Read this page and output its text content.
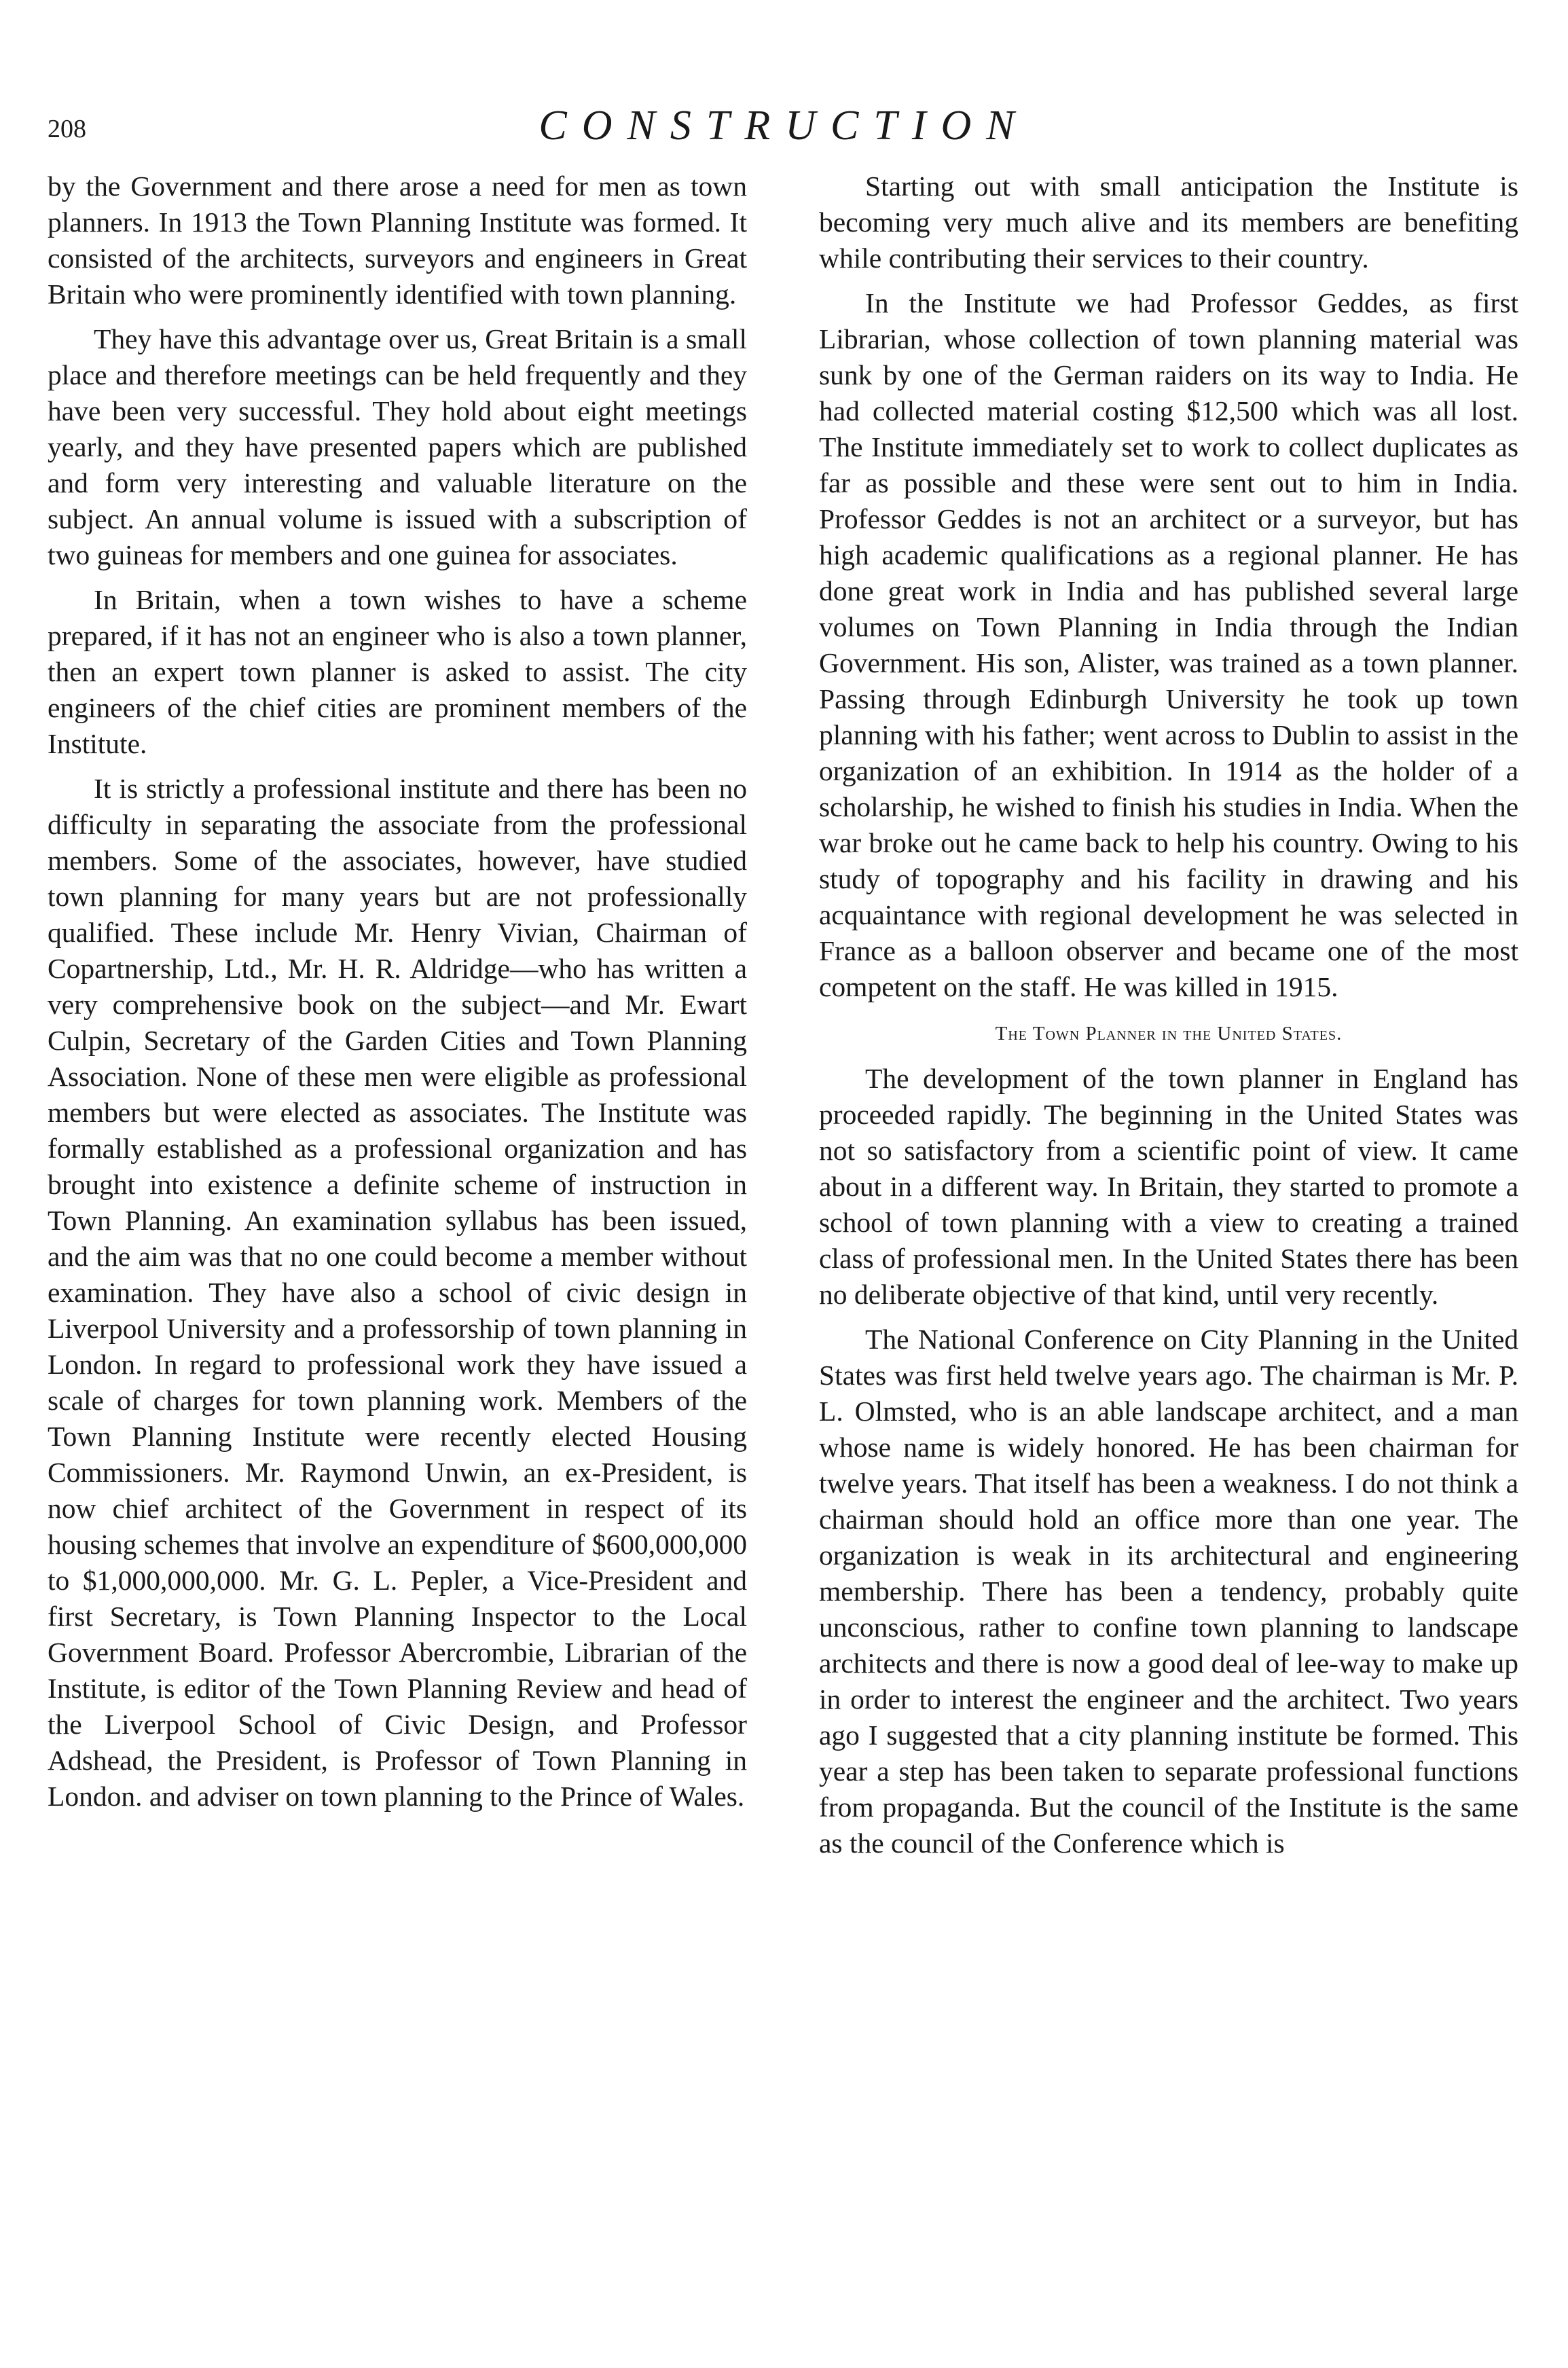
208	CONSTRUCTION

by the Government and there arose a need for men as town planners. In 1913 the Town Planning Institute was formed. It consisted of the architects, surveyors and engineers in Great Britain who were prominently identified with town planning.

They have this advantage over us, Great Britain is a small place and therefore meetings can be held frequently and they have been very successful. They hold about eight meetings yearly, and they have presented papers which are published and form very interesting and valuable literature on the subject. An annual volume is issued with a subscription of two guineas for members and one guinea for associates.

In Britain, when a town wishes to have a scheme prepared, if it has not an engineer who is also a town planner, then an expert town planner is asked to assist. The city engineers of the chief cities are prominent members of the Institute.

It is strictly a professional institute and there has been no difficulty in separating the associate from the professional members. Some of the associates, however, have studied town planning for many years but are not professionally qualified. These include Mr. Henry Vivian, Chairman of Copartnership, Ltd., Mr. H. R. Aldridge—who has written a very comprehensive book on the subject—and Mr. Ewart Culpin, Secretary of the Garden Cities and Town Planning Association. None of these men were eligible as professional members but were elected as associates. The Institute was formally established as a professional organization and has brought into existence a definite scheme of instruction in Town Planning. An examination syllabus has been issued, and the aim was that no one could become a member without examination. They have also a school of civic design in Liverpool University and a professorship of town planning in London. In regard to professional work they have issued a scale of charges for town planning work. Members of the Town Planning Institute were recently elected Housing Commissioners. Mr. Raymond Unwin, an ex-President, is now chief architect of the Government in respect of its housing schemes that involve an expenditure of $600,000,000 to $1,000,000,000. Mr. G. L. Pepler, a Vice-President and first Secretary, is Town Planning Inspector to the Local Government Board. Professor Abercrombie, Librarian of the Institute, is editor of the Town Planning Review and head of the Liverpool School of Civic Design, and Professor Adshead, the President, is Professor of Town Planning in London. and adviser on town planning to the Prince of Wales.

Starting out with small anticipation the Institute is becoming very much alive and its members are benefiting while contributing their services to their country.

In the Institute we had Professor Geddes, as first Librarian, whose collection of town planning material was sunk by one of the German raiders on its way to India. He had collected material costing $12,500 which was all lost. The Institute immediately set to work to collect duplicates as far as possible and these were sent out to him in India. Professor Geddes is not an architect or a surveyor, but has high academic qualifications as a regional planner. He has done great work in India and has published several large volumes on Town Planning in India through the Indian Government. His son, Alister, was trained as a town planner. Passing through Edinburgh University he took up town planning with his father; went across to Dublin to assist in the organization of an exhibition. In 1914 as the holder of a scholarship, he wished to finish his studies in India. When the war broke out he came back to help his country. Owing to his study of topography and his facility in drawing and his acquaintance with regional development he was selected in France as a balloon observer and became one of the most competent on the staff. He was killed in 1915.

The Town Planner in the United States.

The development of the town planner in England has proceeded rapidly. The beginning in the United States was not so satisfactory from a scientific point of view. It came about in a different way. In Britain, they started to promote a school of town planning with a view to creating a trained class of professional men. In the United States there has been no deliberate objective of that kind, until very recently.

The National Conference on City Planning in the United States was first held twelve years ago. The chairman is Mr. P. L. Olmsted, who is an able landscape architect, and a man whose name is widely honored. He has been chairman for twelve years. That itself has been a weakness. I do not think a chairman should hold an office more than one year. The organization is weak in its architectural and engineering membership. There has been a tendency, probably quite unconscious, rather to confine town planning to landscape architects and there is now a good deal of lee-way to make up in order to interest the engineer and the architect. Two years ago I suggested that a city planning institute be formed. This year a step has been taken to separate professional functions from propaganda. But the council of the Institute is the same as the council of the Conference which is
